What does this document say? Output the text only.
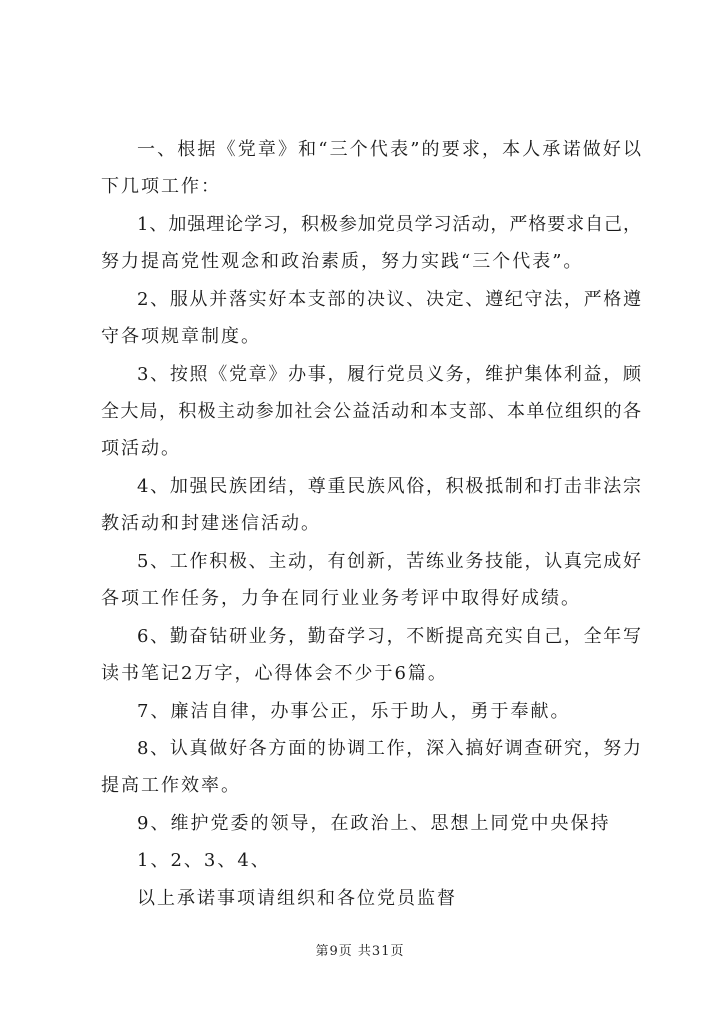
一、根据《党章》和“三个代表”的要求，本人承诺做好以
下几项工作：
1、加强理论学习，积极参加党员学习活动，严格要求自己，
努力提高党性观念和政治素质，努力实践“三个代表”。
2、服从并落实好本支部的决议、决定、遵纪守法，严格遵
守各项规章制度。
3、按照《党章》办事，履行党员义务，维护集体利益，顾
全大局，积极主动参加社会公益活动和本支部、本单位组织的各
项活动。
4、加强民族团结，尊重民族风俗，积极抵制和打击非法宗
教活动和封建迷信活动。
5、工作积极、主动，有创新，苦练业务技能，认真完成好
各项工作任务，力争在同行业业务考评中取得好成绩。
6、勤奋钻研业务，勤奋学习，不断提高充实自己，全年写
读书笔记2万字，心得体会不少于6篇。
7、廉洁自律，办事公正，乐于助人，勇于奉献。
8、认真做好各方面的协调工作，深入搞好调查研究，努力
提高工作效率。
9、维护党委的领导，在政治上、思想上同党中央保持
1、2、3、4、
以上承诺事项请组织和各位党员监督
第9页 共31页
